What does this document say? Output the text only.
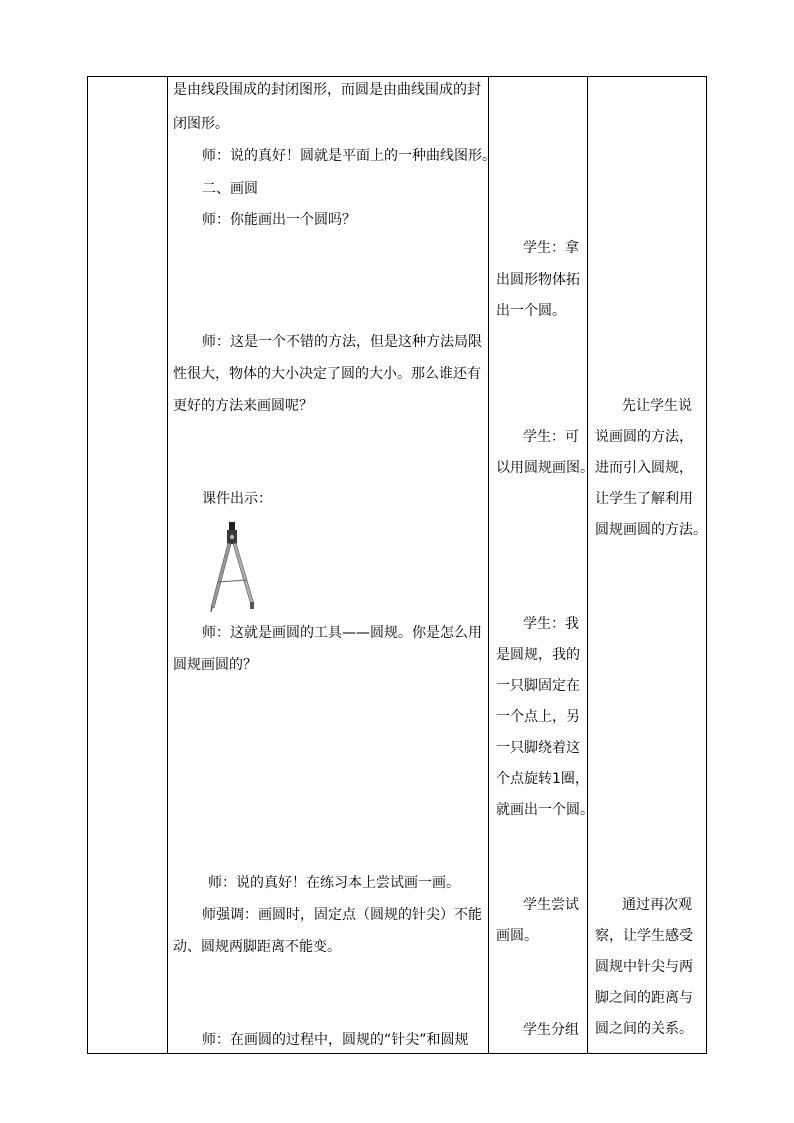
是由线段围成的封闭图形，而圆是由曲线围成的封

闭图形。

师：说的真好！圆就是平面上的一种曲线图形。

二、画圆

师：你能画出一个圆吗？

师：这是一个不错的方法，但是这种方法局限

性很大，物体的大小决定了圆的大小。那么谁还有

更好的方法来画圆呢？

课件出示：

师：这就是画圆的工具——圆规。你是怎么用

圆规画圆的？

师：说的真好！在练习本上尝试画一画。

师强调：画圆时，固定点（圆规的针尖）不能

动、圆规两脚距离不能变。

师：在画圆的过程中，圆规的“针尖”和圆规

学生：拿

出圆形物体拓

出一个圆。

学生：可

以用圆规画图。

学生：我

是圆规，我的

一只脚固定在

一个点上，另

一只脚绕着这

个点旋转1圈，

就画出一个圆。

学生尝试

画圆。

学生分组

先让学生说

说画圆的方法，

进而引入圆规，

让学生了解利用

圆规画圆的方法。

通过再次观

察，让学生感受

圆规中针尖与两

脚之间的距离与

圆之间的关系。
